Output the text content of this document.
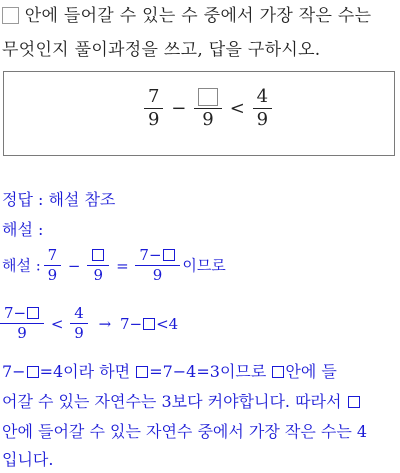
안에 들어갈 수 있는 수 중에서 가장 작은 수는
무엇인지 풀이과정을 쓰고, 답을 구하시오.
$\frac{7}{9}$ −
9
< $\frac{4}{9}$
정답 : 해설 참조
해설 :
해설 : $\frac{7}{9}$ −
9
= $\frac{7-}{9}$ 이므로
$\frac{7-}{9} < \frac{4}{9} \to 7- <4$
7− =4이라 하면 =7−4=3이므로 안에 들
어갈 수 있는 자연수는 3보다 커야합니다. 따라서
안에 들어갈 수 있는 자연수 중에서 가장 작은 수는 4
입니다.
